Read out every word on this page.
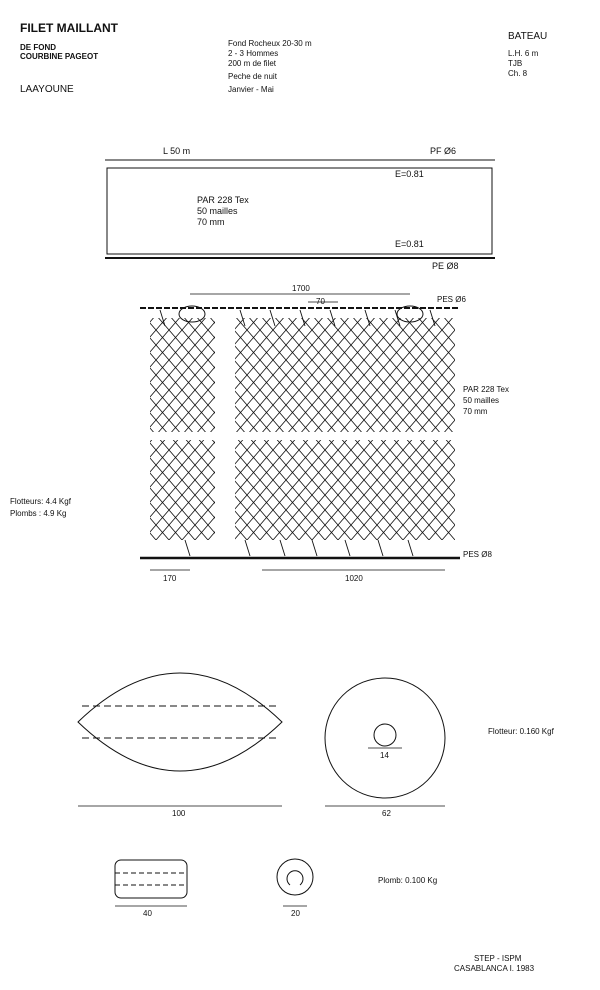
FILET MAILLANT
DE FOND
COURBINE PAGEOT
LAAYOUNE
Fond Rocheux 20-30 m
2 - 3 Hommes
200 m de filet
Peche de nuit
Janvier - Mai
BATEAU
L.H. 6 m
TJB
Ch. 8
L 50 m	PF Ø6
E=0.81
PAR 228 Tex
50 mailles
70 mm
E=0.81
PE Ø8
1700
70	PES Ø6
PAR 228 Tex
50 mailles
70 mm
Flotteurs: 4.4 Kgf
Plombs : 4.9 Kg
PES Ø8
170	1020
100	62
14
Flotteur: 0.160 Kgf
40	20
Plomb: 0.100 Kg
STEP - ISPM
CASABLANCA I. 1983
